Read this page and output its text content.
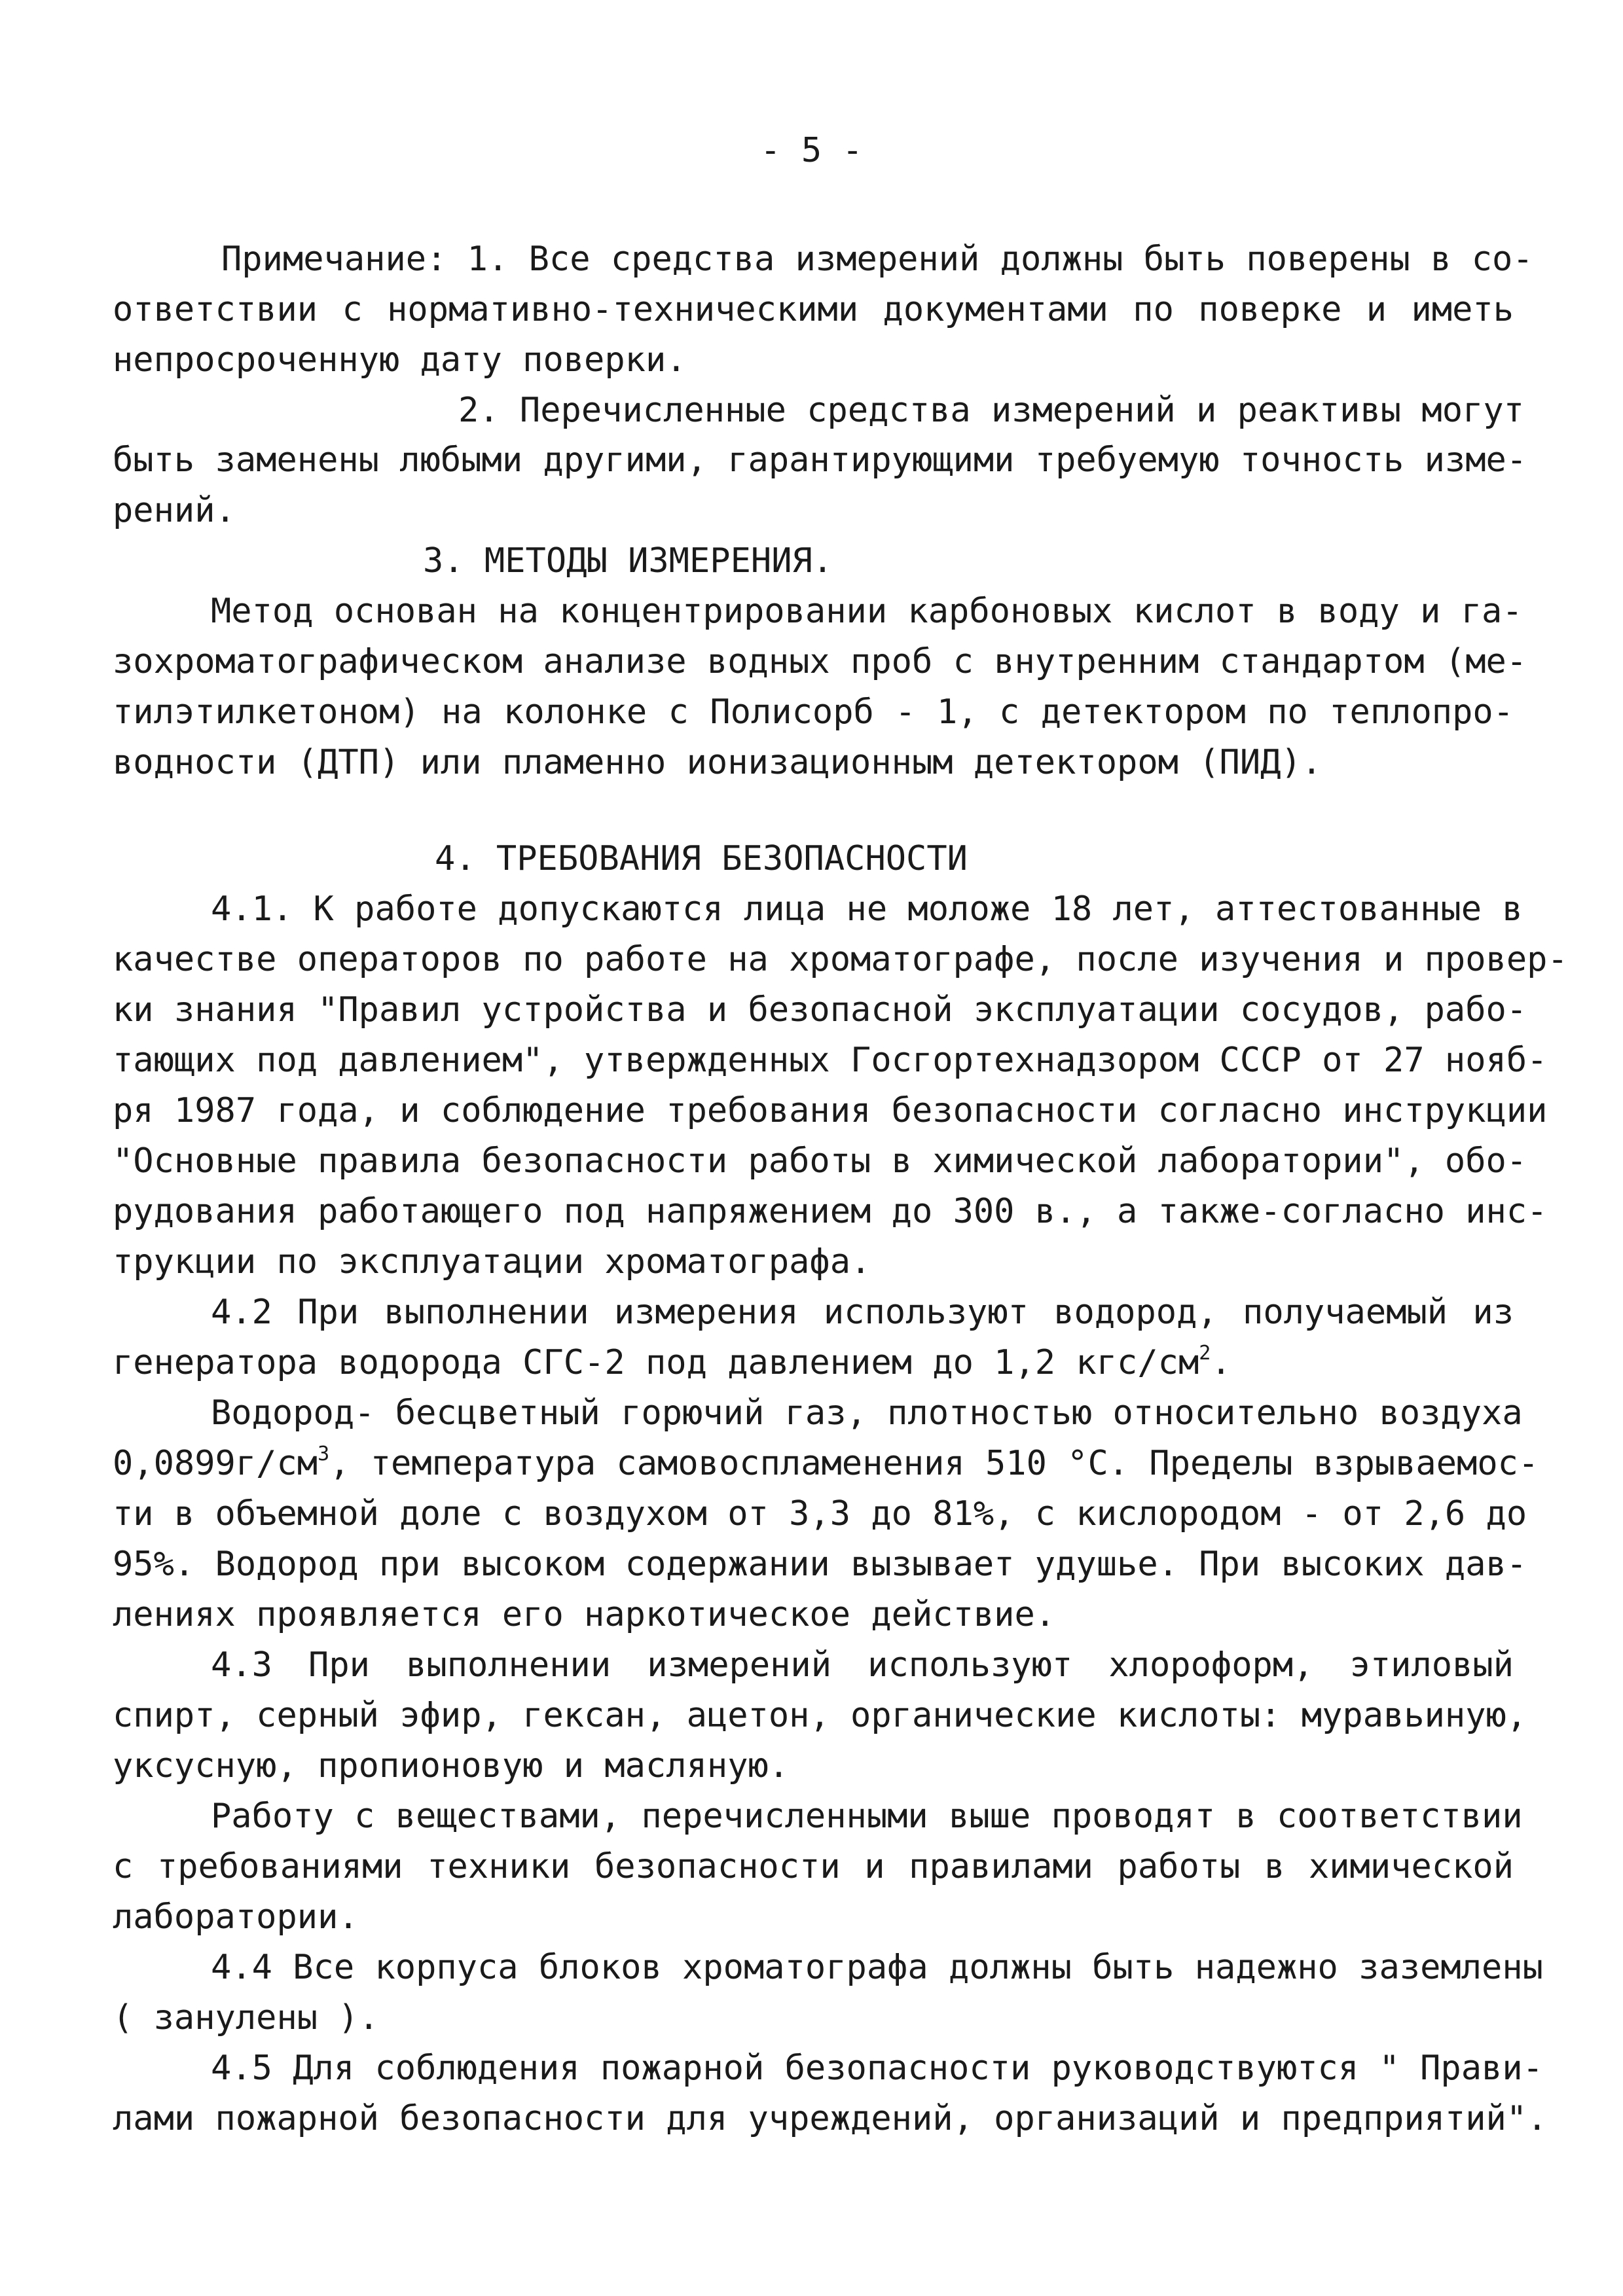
- 5 -
Примечание: 1. Все средства измерений должны быть поверены в со-
ответствии с нормативно-техническими документами по поверке и иметь
непросроченную дату поверки.
2. Перечисленные средства измерений и реактивы могут
быть заменены любыми другими, гарантирующими требуемую точность изме-
рений.
3. МЕТОДЫ ИЗМЕРЕНИЯ.
Метод основан на концентрировании карбоновых кислот в воду и га-
зохроматографическом анализе водных проб с внутренним стандартом (ме-
тилэтилкетоном) на колонке с Полисорб - 1, с детектором по теплопро-
водности (ДТП) или пламенно ионизационным детектором (ПИД).
4. ТРЕБОВАНИЯ БЕЗОПАСНОСТИ
4.1. К работе допускаются лица не моложе 18 лет, аттестованные в
качестве операторов по работе на хроматографе, после изучения и провер-
ки знания "Правил устройства и безопасной эксплуатации сосудов, рабо-
тающих под давлением", утвержденных Госгортехнадзором СССР от 27 нояб-
ря 1987 года, и соблюдение требования безопасности согласно инструкции
"Основные правила безопасности работы в химической лаборатории", обо-
рудования работающего под напряжением до 300 в., а также-согласно инс-
трукции по эксплуатации хроматографа.
4.2 При выполнении измерения используют водород, получаемый из
генератора водорода СГС-2 под давлением до 1,2 кгс/$см^2$.
Водород- бесцветный горючий газ, плотностью относительно воздуха
$0,0899г/см^3$, температура самовоспламенения 510 °С. Пределы взрываемос-
ти в объемной доле с воздухом от 3,3 до 81%, с кислородом - от 2,6 до
95%. Водород при высоком содержании вызывает удушье. При высоких дав-
лениях проявляется его наркотическое действие.
4.3 При выполнении измерений используют хлороформ, этиловый
спирт, серный эфир, гексан, ацетон, органические кислоты: муравьиную,
уксусную, пропионовую и масляную.
Работу с веществами, перечисленными выше проводят в соответствии
с требованиями техники безопасности и правилами работы в химической
лаборатории.
4.4 Все корпуса блоков хроматографа должны быть надежно заземлены
( занулены ).
4.5 Для соблюдения пожарной безопасности руководствуются " Прави-
лами пожарной безопасности для учреждений, организаций и предприятий".
